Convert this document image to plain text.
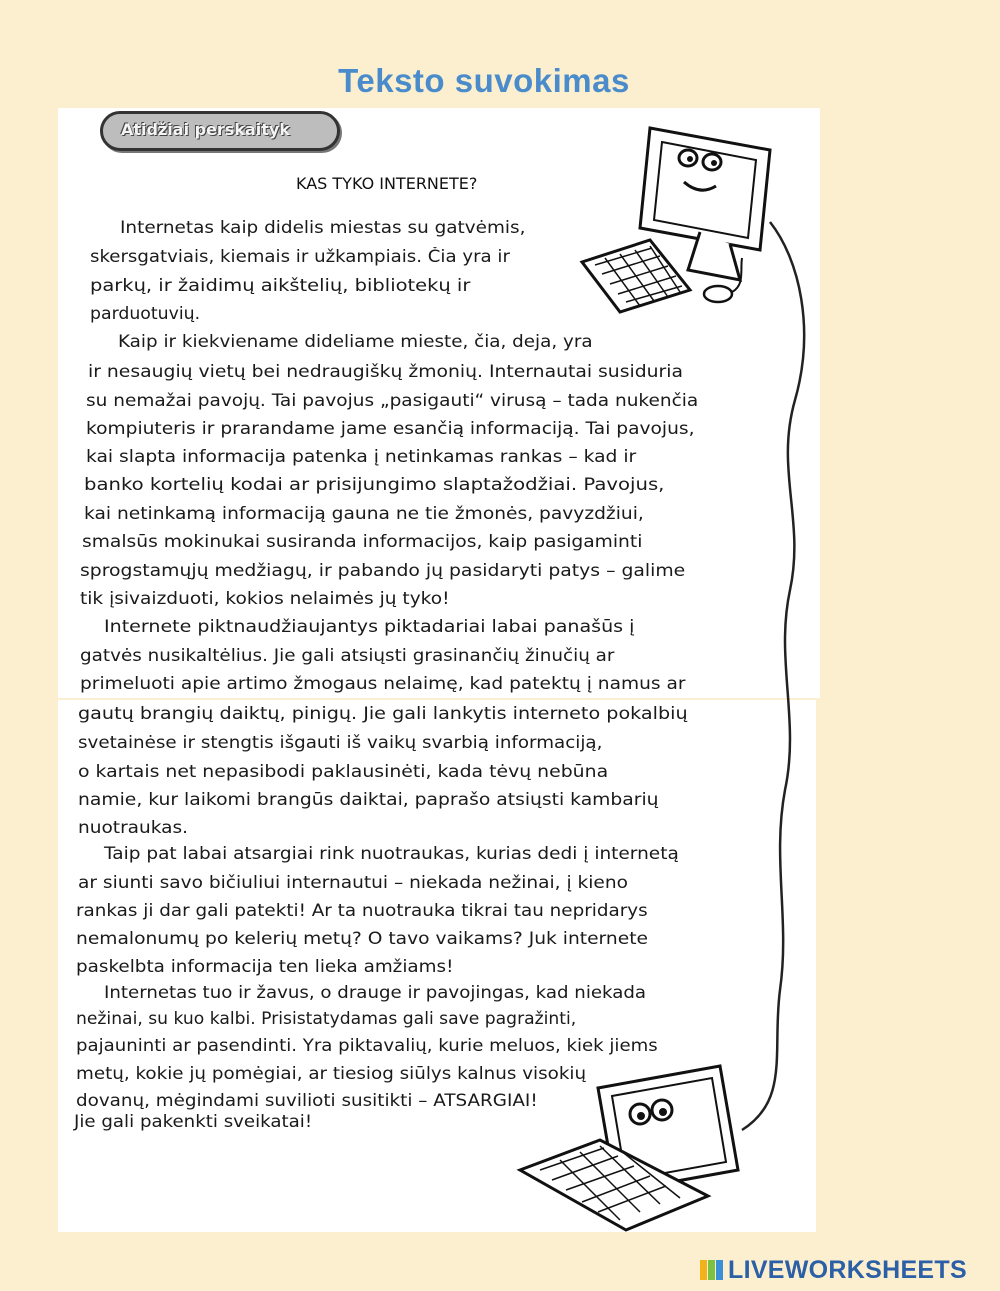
Teksto suvokimas
Atidžiai perskaityk
KAS TYKO INTERNETE?
Internetas kaip didelis miestas su gatvėmis,
skersgatviais, kiemais ir užkampiais. Čia yra ir
parkų, ir žaidimų aikštelių, bibliotekų ir
parduotuvių.
Kaip ir kiekviename dideliame mieste, čia, deja, yra
ir nesaugių vietų bei nedraugiškų žmonių. Internautai susiduria
su nemažai pavojų. Tai pavojus „pasigauti“ virusą – tada nukenčia
kompiuteris ir prarandame jame esančią informaciją. Tai pavojus,
kai slapta informacija patenka į netinkamas rankas – kad ir
banko kortelių kodai ar prisijungimo slaptažodžiai. Pavojus,
kai netinkamą informaciją gauna ne tie žmonės, pavyzdžiui,
smalsūs mokinukai susiranda informacijos, kaip pasigaminti
sprogstamųjų medžiagų, ir pabando jų pasidaryti patys – galime
tik įsivaizduoti, kokios nelaimės jų tyko!
Internete piktnaudžiaujantys piktadariai labai panašūs į
gatvės nusikaltėlius. Jie gali atsiųsti grasinančių žinučių ar
primeluoti apie artimo žmogaus nelaimę, kad patektų į namus ar
gautų brangių daiktų, pinigų. Jie gali lankytis interneto pokalbių
svetainėse ir stengtis išgauti iš vaikų svarbią informaciją,
o kartais net nepasibodi paklausinėti, kada tėvų nebūna
namie, kur laikomi brangūs daiktai, paprašo atsiųsti kambarių
nuotraukas.
Taip pat labai atsargiai rink nuotraukas, kurias dedi į internetą
ar siunti savo bičiuliui internautui – niekada nežinai, į kieno
rankas ji dar gali patekti! Ar ta nuotrauka tikrai tau nepridarys
nemalonumų po kelerių metų? O tavo vaikams? Juk internete
paskelbta informacija ten lieka amžiams!
Internetas tuo ir žavus, o drauge ir pavojingas, kad niekada
nežinai, su kuo kalbi. Prisistatydamas gali save pagražinti,
pajauninti ar pasendinti. Yra piktavalių, kurie meluos, kiek jiems
metų, kokie jų pomėgiai, ar tiesiog siūlys kalnus visokių
dovanų, mėgindami suvilioti susitikti – ATSARGIAI!
Jie gali pakenkti sveikatai!
LIVEWORKSHEETS
